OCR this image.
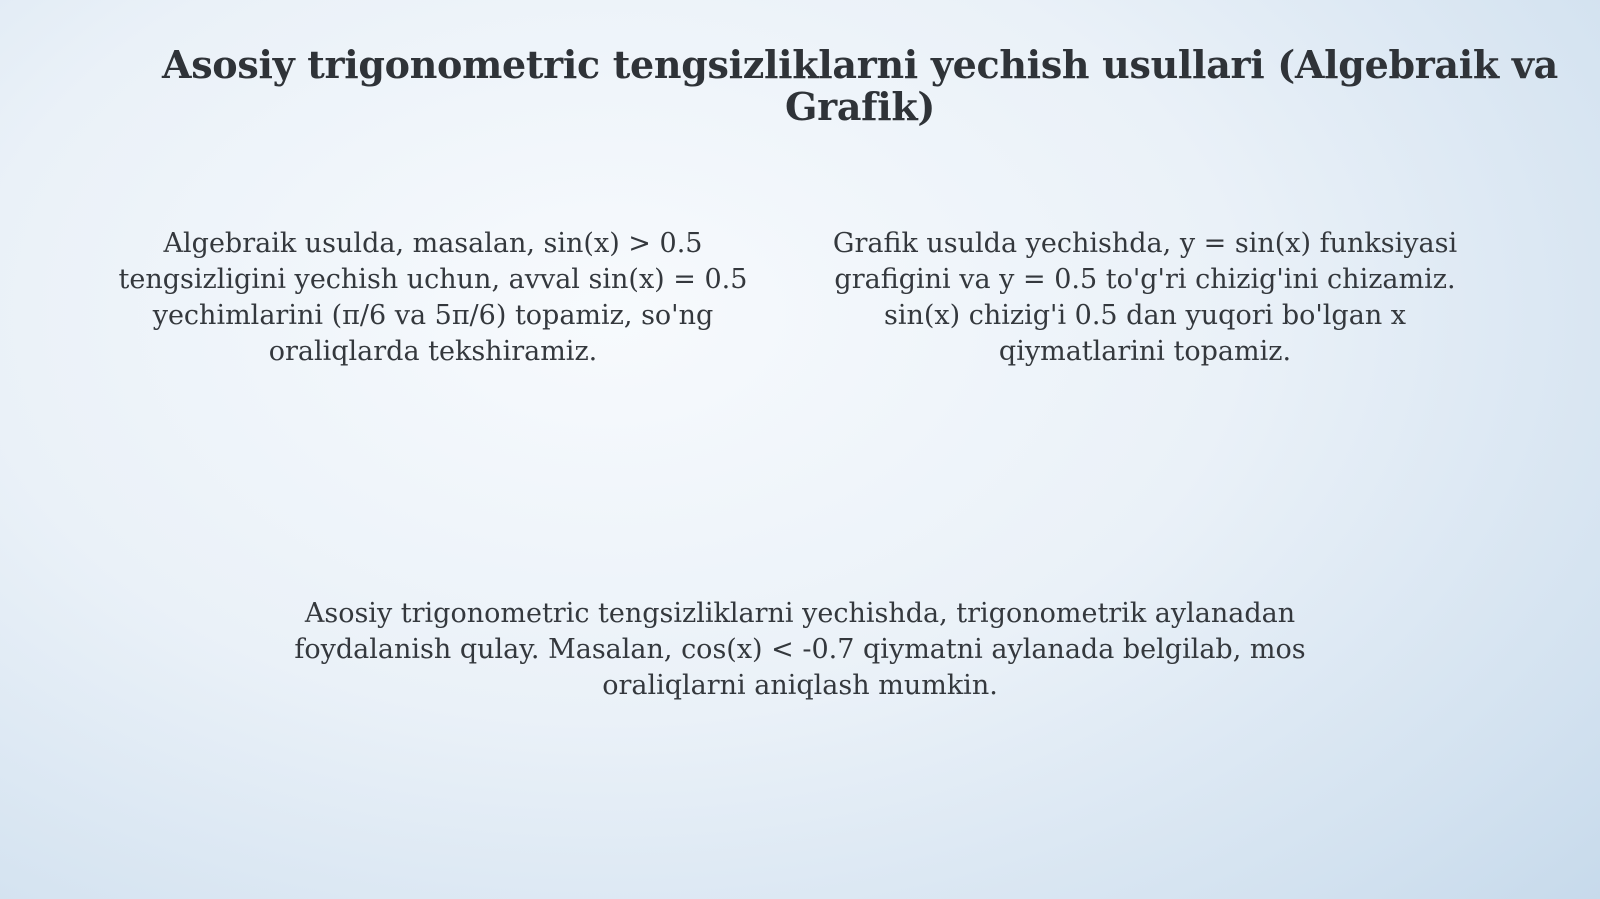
Asosiy trigonometric tengsizliklarni yechish usullari (Algebraik va Grafik)

Algebraik usulda, masalan, sin(x) > 0.5 tengsizligini yechish uchun, avval sin(x) = 0.5 yechimlarini (π/6 va 5π/6) topamiz, so'ng oraliqlarda tekshiramiz.

Grafik usulda yechishda, y = sin(x) funksiyasi grafigini va y = 0.5 to'g'ri chizig'ini chizamiz. sin(x) chizig'i 0.5 dan yuqori bo'lgan x qiymatlarini topamiz.

Asosiy trigonometric tengsizliklarni yechishda, trigonometrik aylanadan foydalanish qulay. Masalan, cos(x) < -0.7 qiymatni aylanada belgilab, mos oraliqlarni aniqlash mumkin.
